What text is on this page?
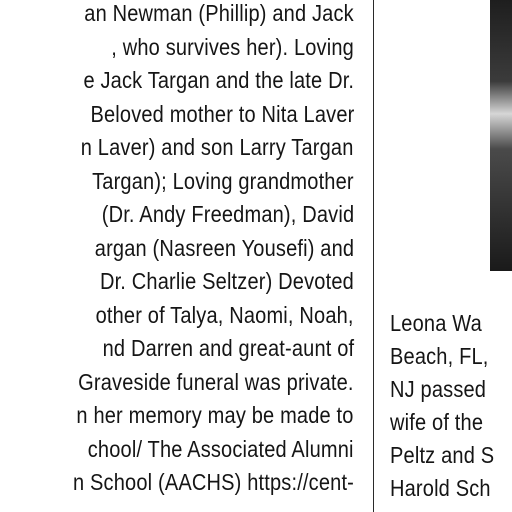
an Newman (Phillip) and Jack
, who survives her). Loving
e Jack Targan and the late Dr.
Beloved mother to Nita Laver
n Laver) and son Larry Targan
Targan); Loving grandmother
(Dr. Andy Freedman), David
argan (Nasreen Yousefi) and
Dr. Charlie Seltzer) Devoted
other of Talya, Naomi, Noah,
nd Darren and great-aunt of
Graveside funeral was private.
n her memory may be made to
chool/ The Associated Alumni
n School (AACHS) https://cent-
Leona Wa
Beach, FL,
NJ passed
wife of the
Peltz and S
Harold Sch
